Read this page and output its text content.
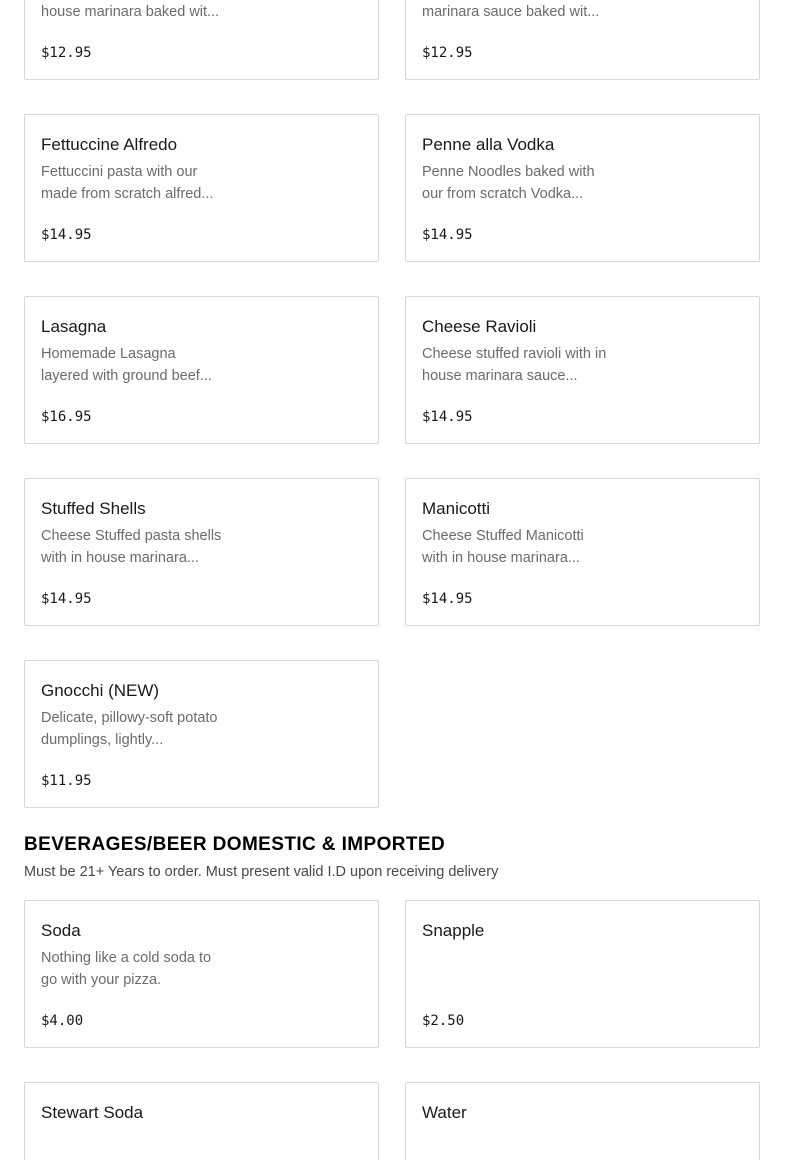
house marinara baked wit...
$12.95
marinara sauce baked wit...
$12.95
Fettuccine Alfredo
Fettuccini pasta with our made from scratch alfred...
$14.95
Penne alla Vodka
Penne Noodles baked with our from scratch Vodka...
$14.95
Lasagna
Homemade Lasagna layered with ground beef...
$16.95
Cheese Ravioli
Cheese stuffed ravioli with in house marinara sauce...
$14.95
Stuffed Shells
Cheese Stuffed pasta shells with in house marinara...
$14.95
Manicotti
Cheese Stuffed Manicotti with in house marinara...
$14.95
Gnocchi (NEW)
Delicate, pillowy-soft potato dumplings, lightly...
$11.95
BEVERAGES/BEER DOMESTIC & IMPORTED
Must be 21+ Years to order. Must present valid I.D upon receiving delivery
Soda
Nothing like a cold soda to go with your pizza.
$4.00
Snapple
$2.50
Stewart Soda	Water
